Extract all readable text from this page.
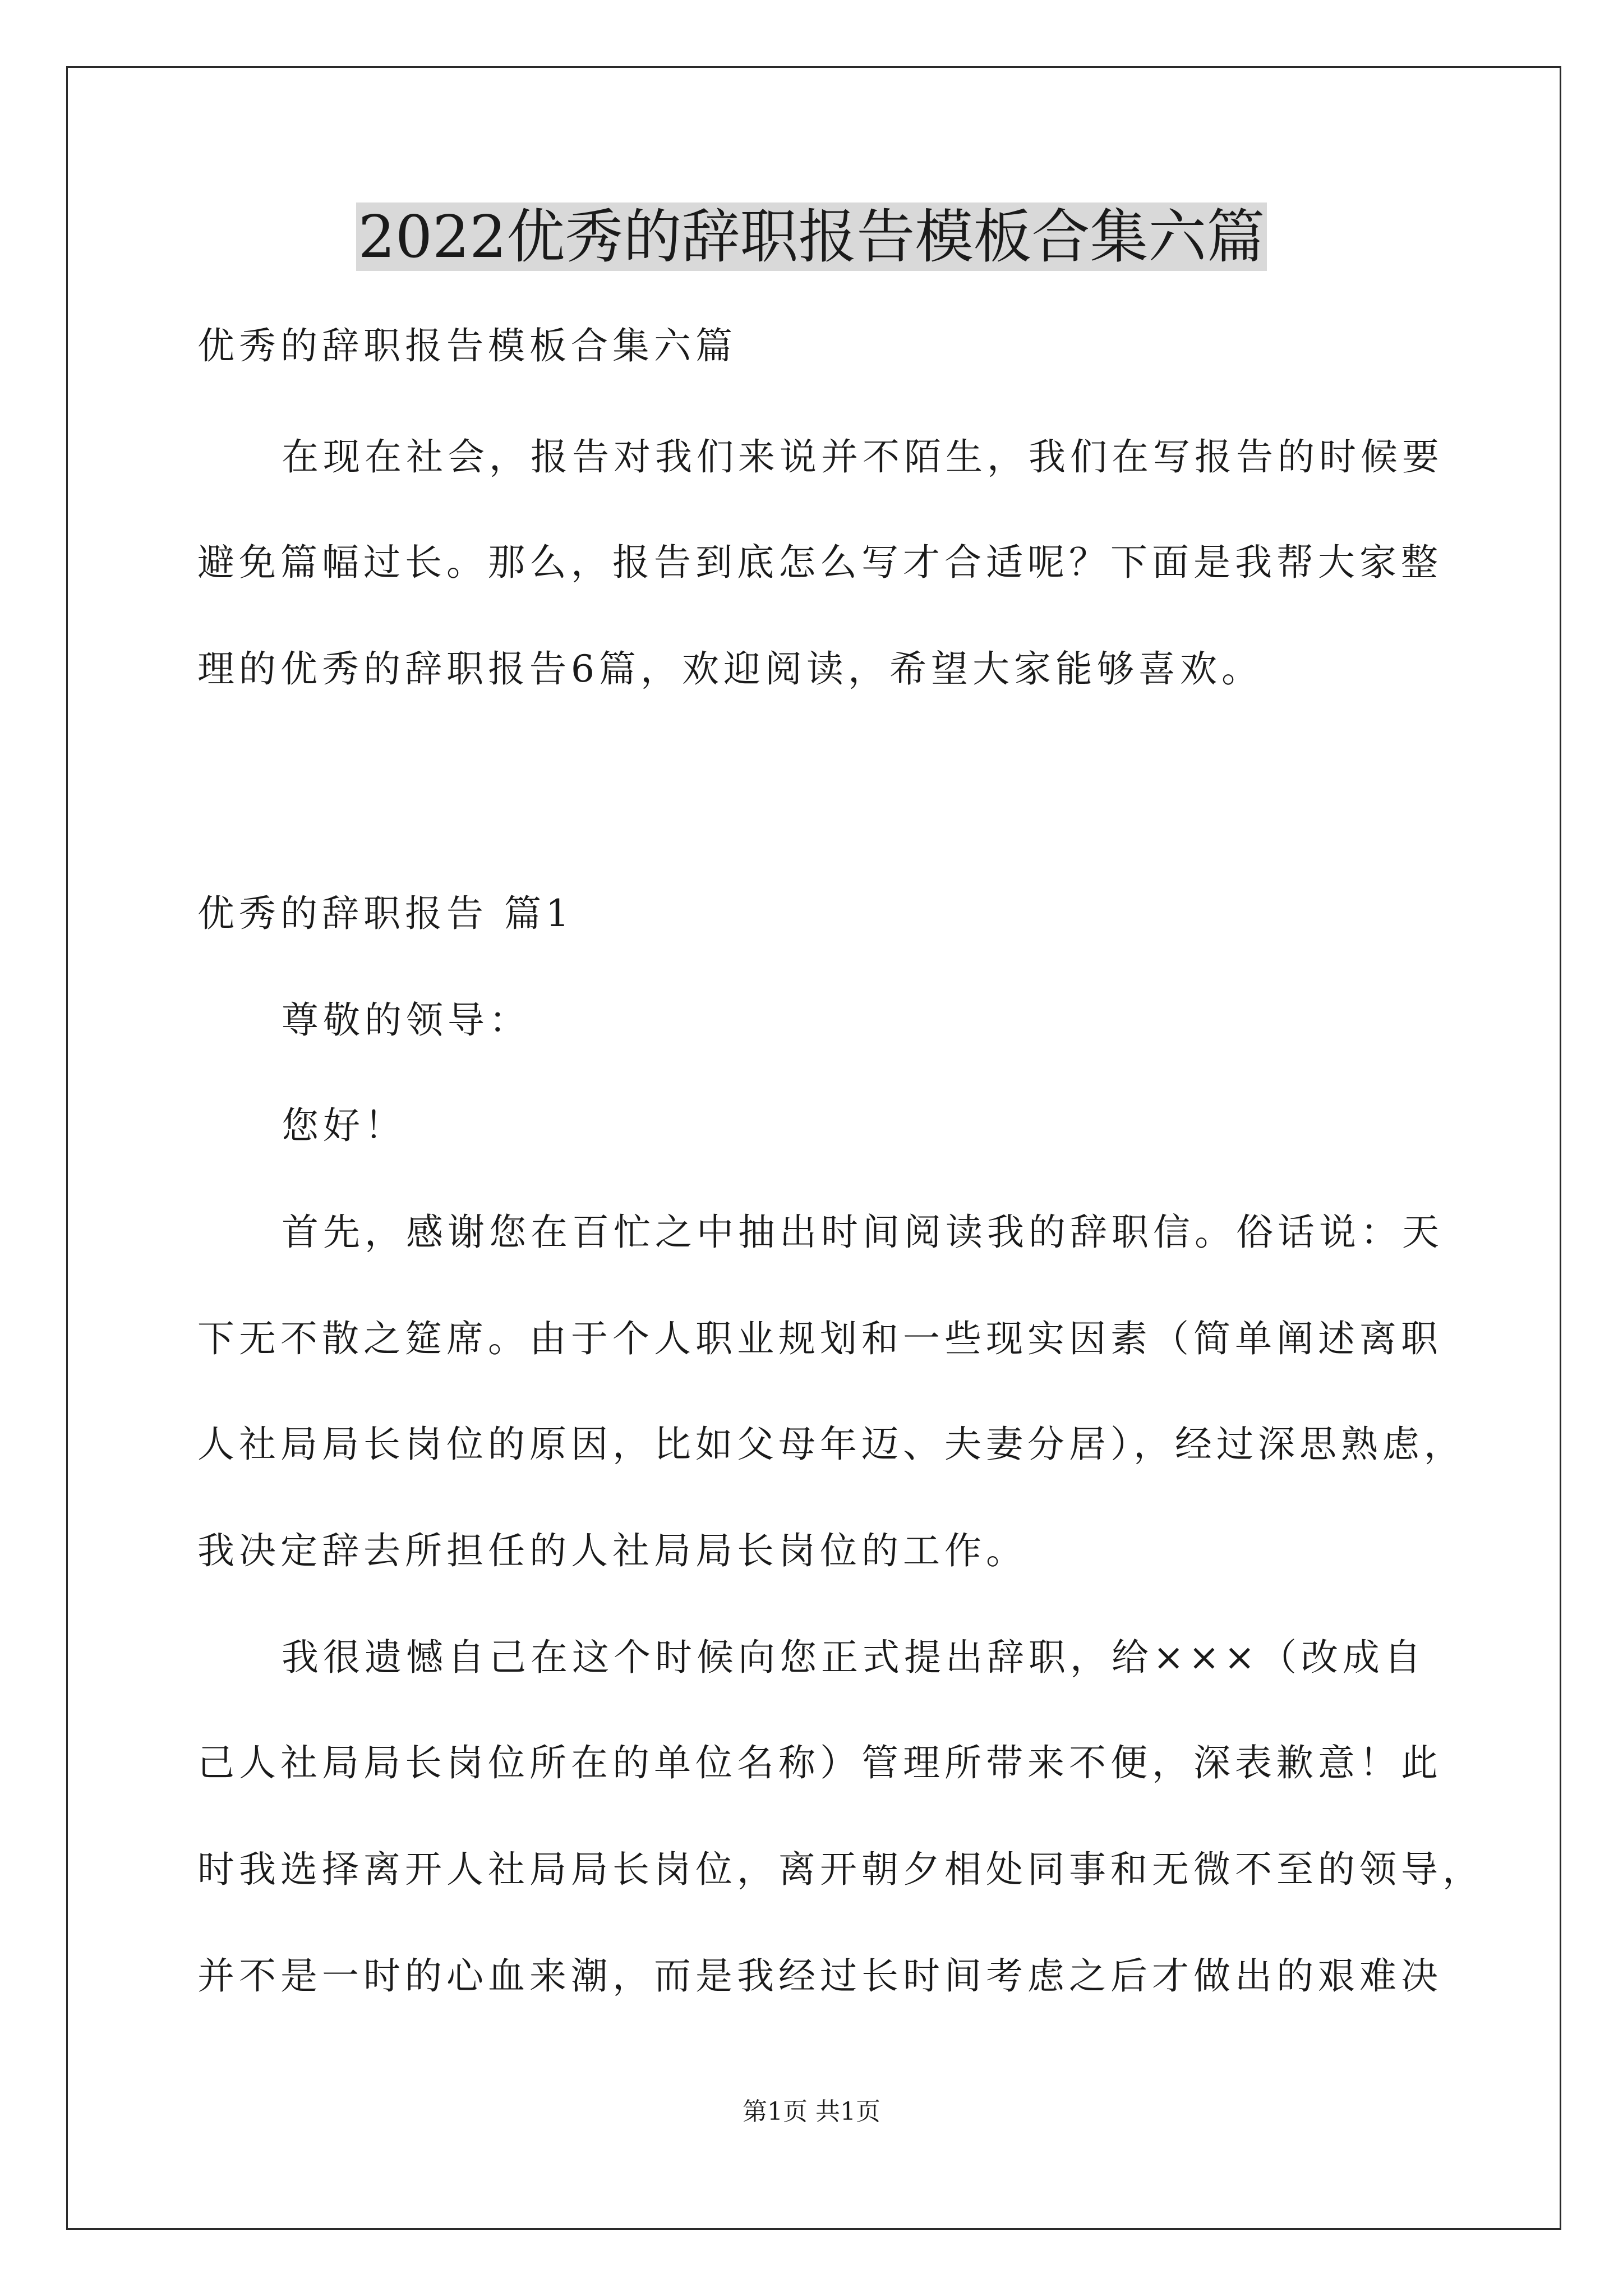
2022优秀的辞职报告模板合集六篇
优秀的辞职报告模板合集六篇
在现在社会，报告对我们来说并不陌生，我们在写报告的时候要
避免篇幅过长。那么，报告到底怎么写才合适呢？下面是我帮大家整
理的优秀的辞职报告6篇，欢迎阅读，希望大家能够喜欢。
优秀的辞职报告 篇1
尊敬的领导：
您好！
首先，感谢您在百忙之中抽出时间阅读我的辞职信。俗话说：天
下无不散之筵席。由于个人职业规划和一些现实因素（简单阐述离职
人社局局长岗位的原因，比如父母年迈、夫妻分居），经过深思熟虑，
我决定辞去所担任的人社局局长岗位的工作。
我很遗憾自己在这个时候向您正式提出辞职，给×××（改成自
己人社局局长岗位所在的单位名称）管理所带来不便，深表歉意！此
时我选择离开人社局局长岗位，离开朝夕相处同事和无微不至的领导，
并不是一时的心血来潮，而是我经过长时间考虑之后才做出的艰难决
第1页 共1页
